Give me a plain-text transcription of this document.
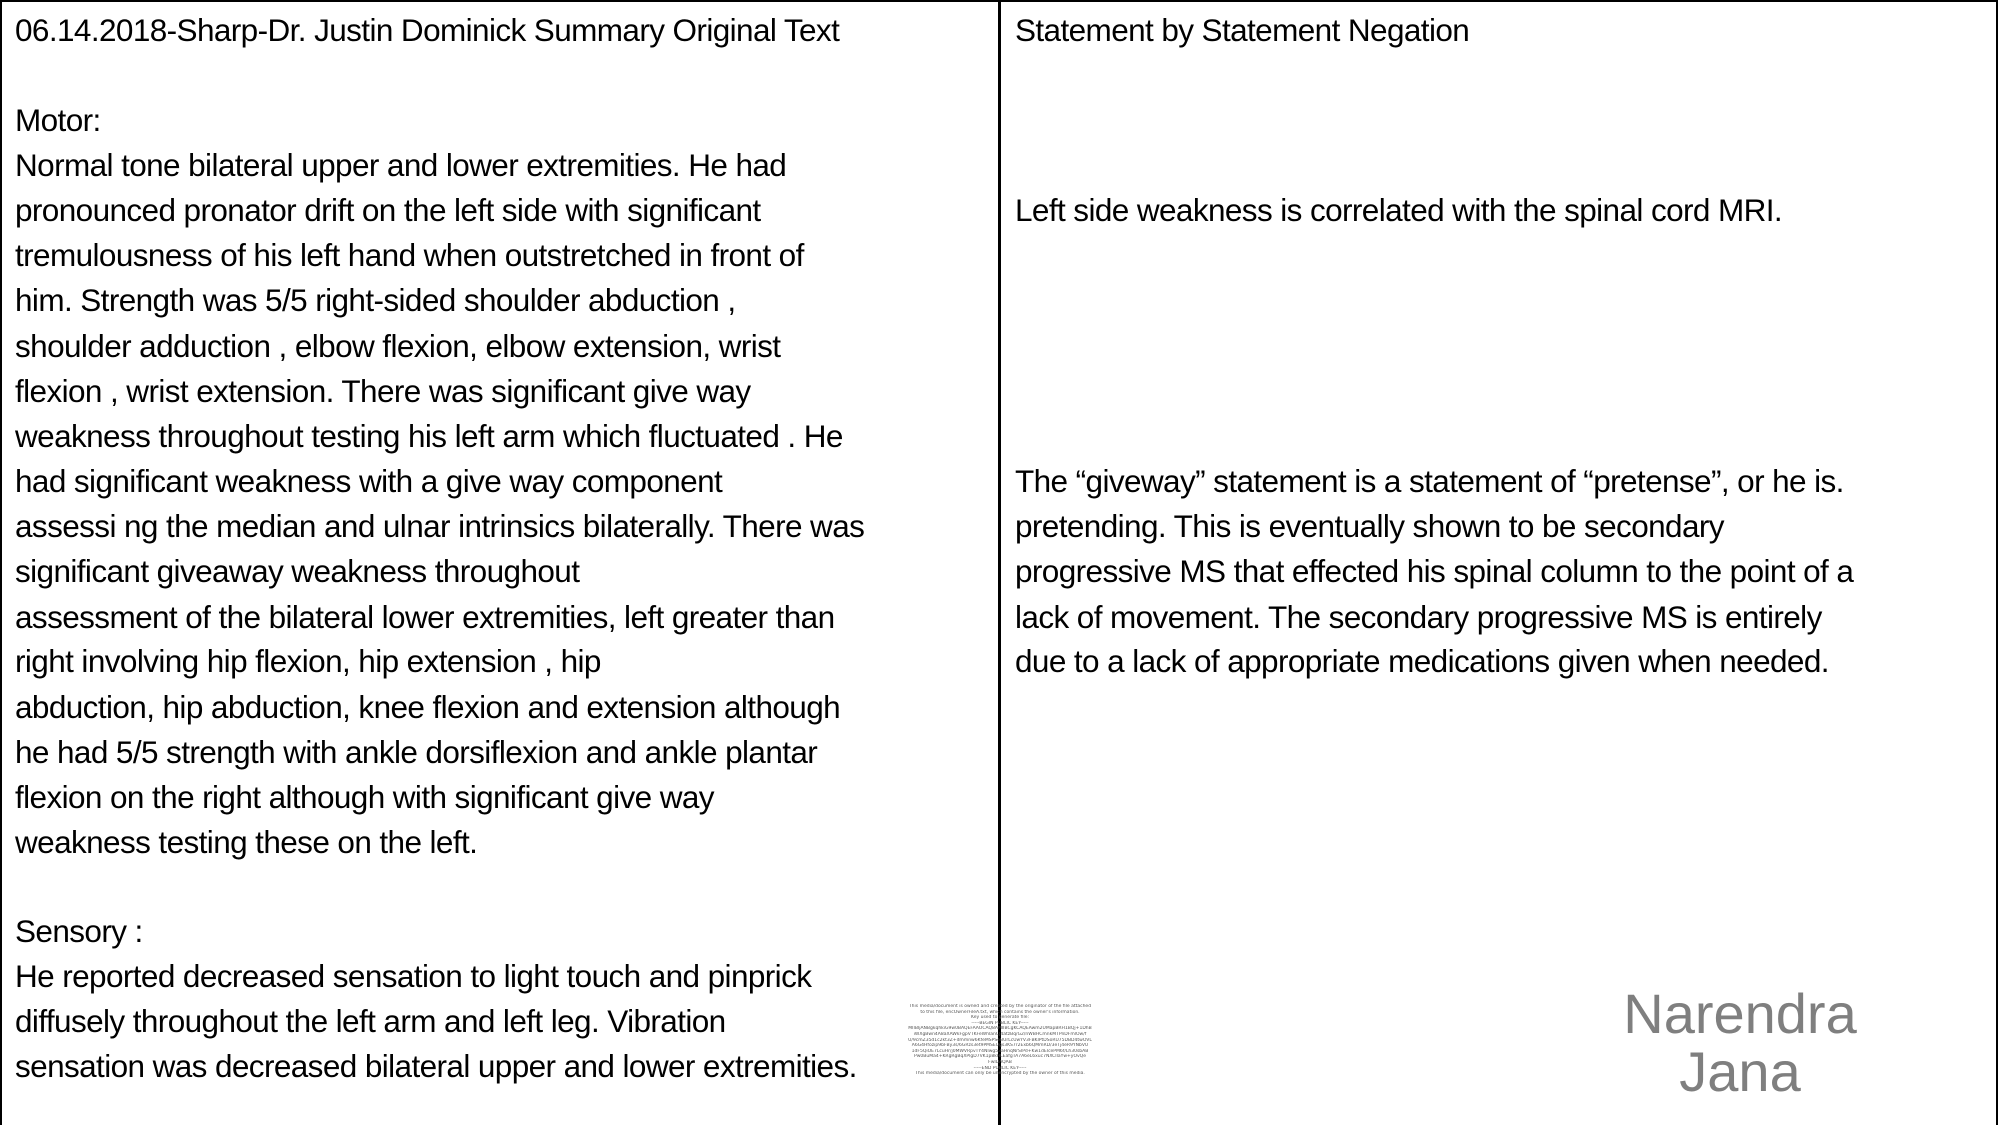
06.14.2018-Sharp-Dr. Justin Dominick Summary Original Text
Motor:
Normal tone bilateral upper and lower extremities. He had
pronounced pronator drift on the left side with significant
tremulousness of his left hand when outstretched in front of
him. Strength was 5/5 right-sided shoulder abduction ,
shoulder adduction , elbow flexion, elbow extension, wrist
flexion , wrist extension. There was significant give way
weakness throughout testing his left arm which fluctuated . He
had significant weakness with a give way component
assessi ng the median and ulnar intrinsics bilaterally. There was
significant giveaway weakness throughout
assessment of the bilateral lower extremities, left greater than
right involving hip flexion, hip extension , hip
abduction, hip abduction, knee flexion and extension although
he had 5/5 strength with ankle dorsiflexion and ankle plantar
flexion on the right although with significant give way
weakness testing these on the left.
Sensory :
He reported decreased sensation to light touch and pinprick
diffusely throughout the left arm and left leg. Vibration
sensation was decreased bilateral upper and lower extremities.
Statement by Statement Negation
Left side weakness is correlated with the spinal cord MRI.
The “giveway” statement is a statement of “pretense”, or he is.
pretending. This is eventually shown to be secondary
progressive MS that effected his spinal column to the point of a
lack of movement. The secondary progressive MS is entirely
due to a lack of appropriate medications given when needed.
This media/document is owned and created by the originator of the file attached
to this file, encOwnerFileA.txt, which contains the owner's information.
Key used to generate file:
-----BEGIN PUBLIC KEY-----
MIIBIjANBgkqhkiG9w0BAQEFAAOCAQ8AMIIBCgKCAQEAwm2UMapBRH1BQj+1DhB
iWXgBwn4A8aXAWkFgpVTKFeWhIanCJ4atzBq/G2/nWBHCmnkMTPnDFmlOw/f
U/9cmZ35d1c2kt3Z+dmmnw6KfeMSPSeBUrLcUwYV3FBKIPtDSoRU75DBD4twOVL
A6G4Hfozip9bFBy3s/6GRzs3et9PMSEUgs3KS7r2Exb6QMmRD/3eTj4eR9YNbVU
1dF5QiOE7LcuHr/j0MWVRpvTY4NIwg53aHnqNrSIPd+Kw1dEIcePM6f/Lh30sbAB
Pw0BuMa4+KRgRgBqXPlgD7VK1p8kHLEafgTA7A6eL6xuc7NXCIlaYw+yOvQe
FwIDAQAB
-----END PUBLIC KEY-----
This media/document can only be unencrypted by the owner of this media.
Narendra
Jana
